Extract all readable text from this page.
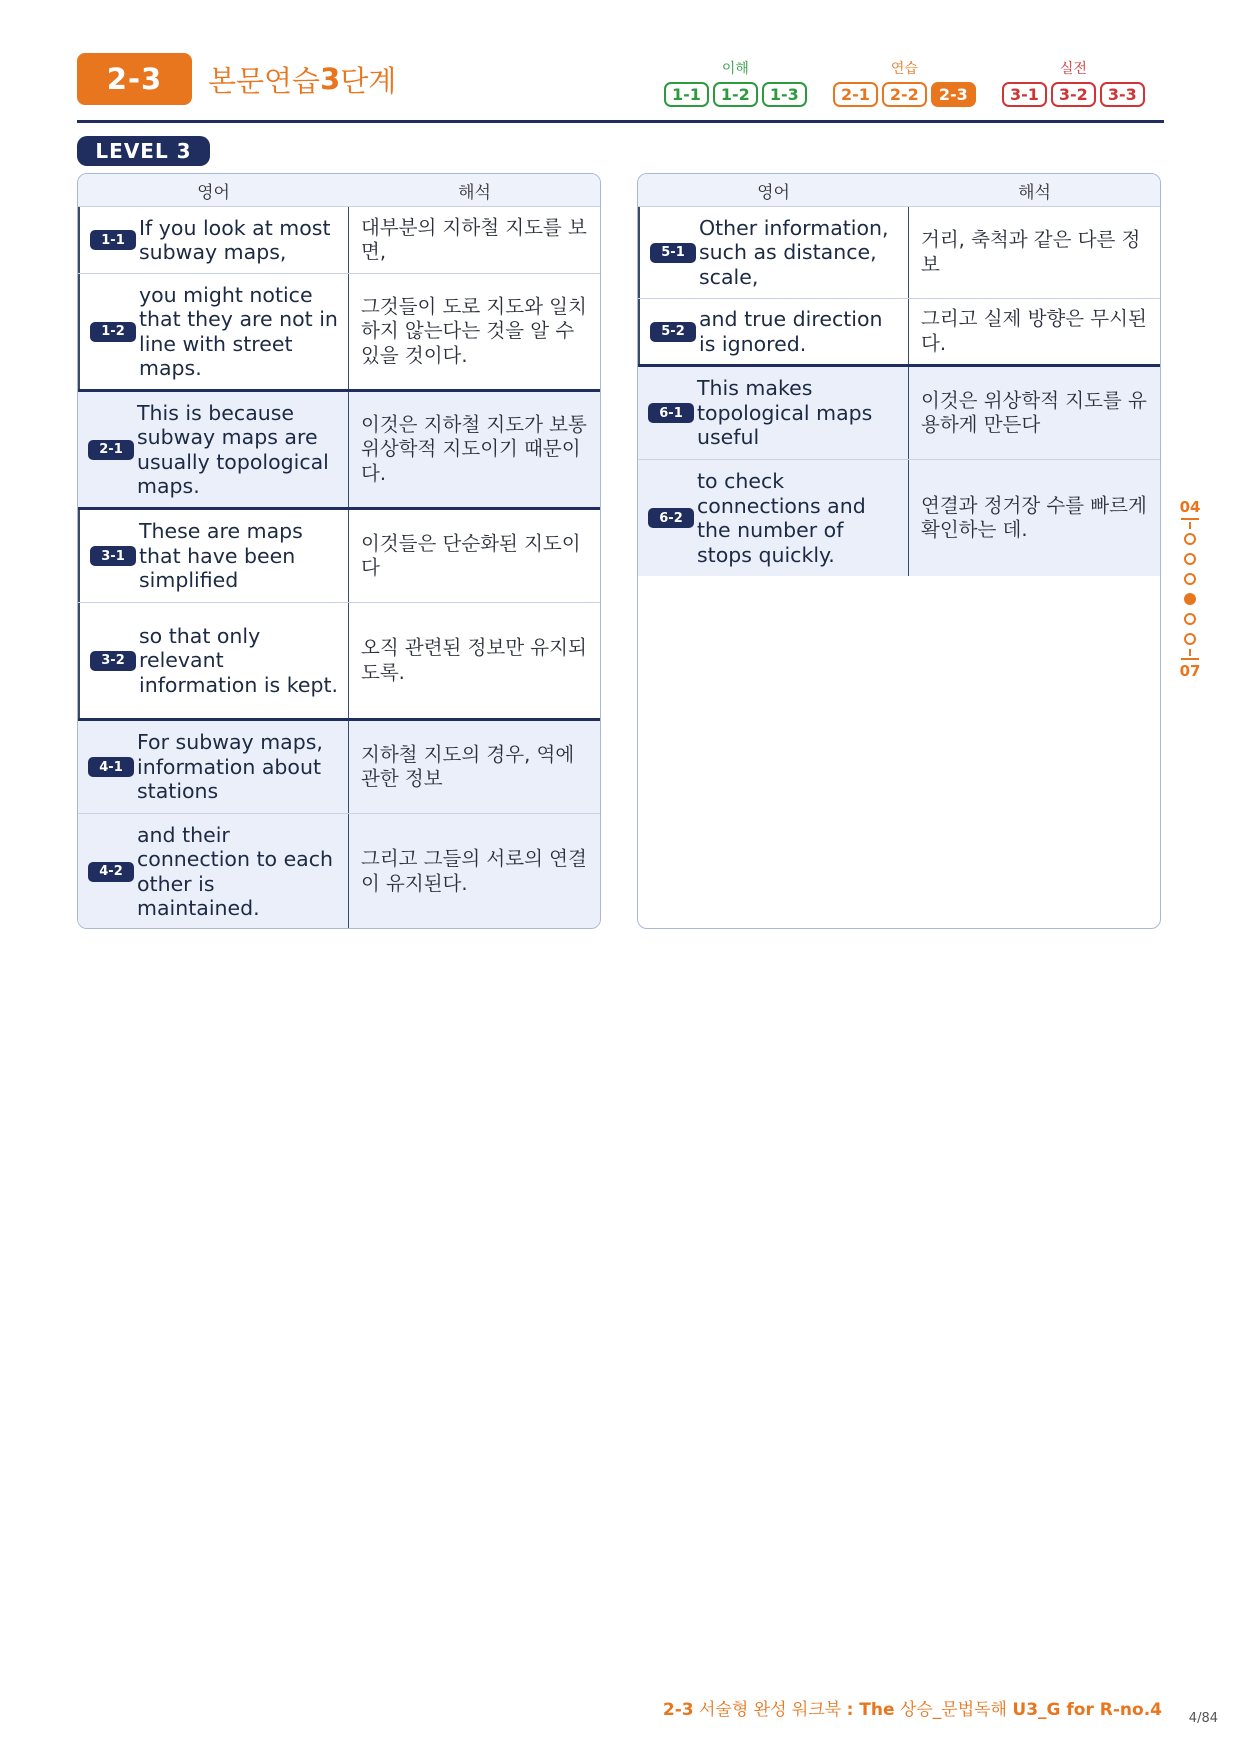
2-3	본문연습 3 단계	이해
1-1	1-2	1-3
연습
2-1	2-2	2-3
실전
3-1	3-2	3-3
LEVEL 3
영어	해석
1-1
If you look at most subway maps,
대부분의 지하철 지도를 보면,
1-2
you might notice that they are not in line with street maps.
그것들이 도로 지도와 일치하지 않는다는 것을 알 수 있을 것이다.
2-1
This is because subway maps are usually topological maps.
이것은 지하철 지도가 보통 위상학적 지도이기 때문이다.
3-1
These are maps that have been simplified
이것들은 단순화된 지도이다
3-2
so that only relevant information is kept.
오직 관련된 정보만 유지되도록.
4-1
For subway maps, information about stations
지하철 지도의 경우, 역에 관한 정보
4-2
and their connection to each other is maintained.
그리고 그들의 서로의 연결이 유지된다.
영어	해석
5-1
Other information, such as distance, scale,
거리, 축척과 같은 다른 정보
5-2
and true direction is ignored.
그리고 실제 방향은 무시된다.
6-1
This makes topological maps useful
이것은 위상학적 지도를 유용하게 만든다
6-2
to check connections and the number of stops quickly.
연결과 정거장 수를 빠르게 확인하는 데.
04
07
2-3 서술형 완성 워크북 : The 상승_문법독해 U3_G for R-no.4	4/84
